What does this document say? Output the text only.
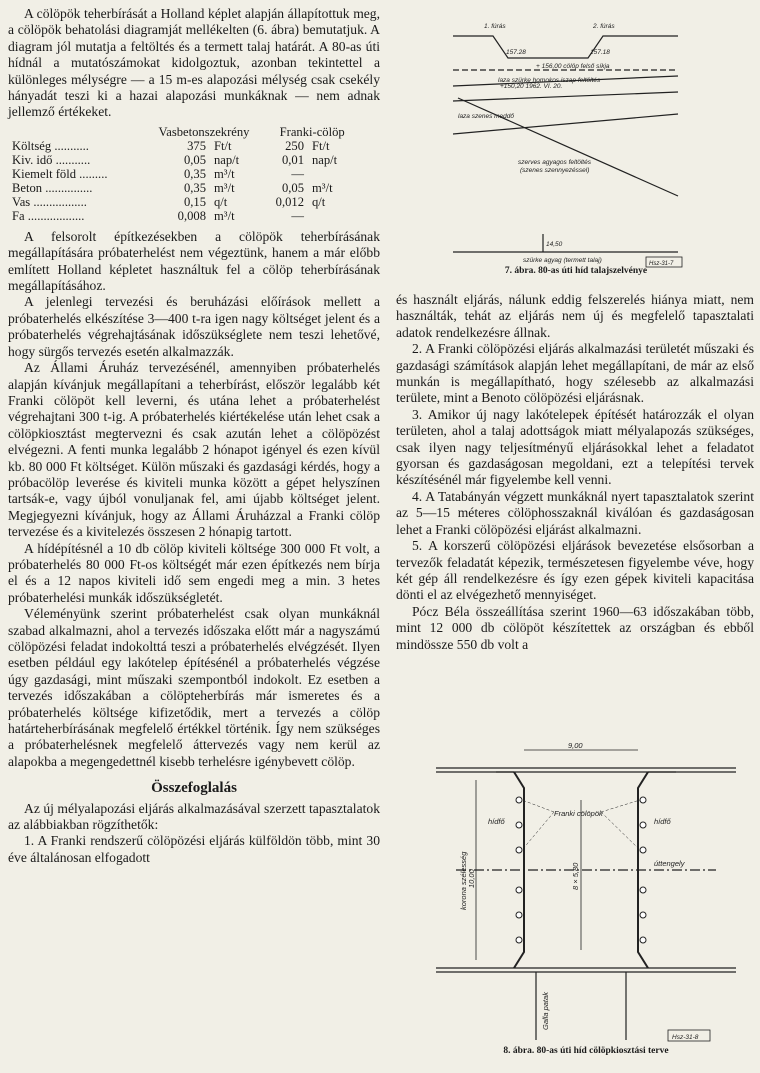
A cölöpök teherbírását a Holland képlet alapján állapítottuk meg, a cölöpök behatolási diagramját mellékelten (6. ábra) bemutatjuk. A diagram jól mutatja a feltöltés és a termett talaj határát. A 80-as úti hídnál a mutatószámokat kidolgoztuk, azonban tekintettel a különleges mélységre — a 15 m-es alapozási mélység csak csekély hányadát teszi ki a hazai alapozási munkáknak — nem adnak jellemző értékeket.

Vasbetonszekrény Franki-cölöp
Költség ...........	375 Ft/t	250 Ft/t
Kiv. idő ...........	0,05 nap/t	0,01 nap/t
Kiemelt föld .........	0,35 m³/t	—
Beton ...............	0,35 m³/t	0,05 m³/t
Vas .................	0,15 q/t	0,012 q/t
Fa ..................	0,008 m³/t	—

A felsorolt építkezésekben a cölöpök teherbírásának megállapítására próbaterhelést nem végeztünk, hanem a már előbb említett Holland képletet használtuk fel a cölöp teherbírásának megállapításához.

A jelenlegi tervezési és beruházási előírások mellett a próbaterhelés elkészítése 3—400 t-ra igen nagy költséget jelent és a próbaterhelés végrehajtásának időszükséglete nem teszi lehetővé, hogy sürgős tervezés esetén alkalmazzák.

Az Állami Áruház tervezésénél, amennyiben próbaterhelés alapján kívánjuk megállapítani a teherbírást, először legalább két Franki cölöpöt kell leverni, és utána lehet a próbaterhelést végrehajtani 300 t-ig. A próbaterhelés kiértékelése után lehet csak a cölöpkiosztást megtervezni és csak azután lehet a cölöpözést elvégezni. A fenti munka legalább 2 hónapot igényel és ezen kívül kb. 80 000 Ft költséget. Külön műszaki és gazdasági kérdés, hogy a próbacölöp leverése és kiviteli munka között a gépet helyszínen tartsák-e, vagy újból vonuljanak fel, ami újabb költséget jelent. Megjegyezni kívánjuk, hogy az Állami Áruházzal a Franki cölöp tervezése és a kivitelezés összesen 2 hónapig tartott.

A hídépítésnél a 10 db cölöp kiviteli költsége 300 000 Ft volt, a próbaterhelés 80 000 Ft-os költségét már ezen építkezés nem bírja el és a 12 napos kiviteli idő sem engedi meg a min. 3 hetes próbaterhelési munkák időszükségletét.

Véleményünk szerint próbaterhelést csak olyan munkáknál szabad alkalmazni, ahol a tervezés időszaka előtt már a nagyszámú cölöpözési feladat indokolttá teszi a próbaterhelés elvégzését. Ilyen esetben például egy lakótelep építésénél a próbaterhelés végzése úgy gazdasági, mint műszaki szempontból indokolt. Ez esetben a tervezés időszakában a cölöpteherbírás már ismeretes és a próbaterhelés költsége kifizetődik, mert a tervezés a cölöp határteherbírásának megfelelő értékkel történik. Így nem szükséges a próbaterhelésnek megfelelő áttervezés vagy nem kerül az alapokba a megengedettnél kisebb terhelésre igénybevett cölöp.

Összefoglalás

Az új mélyalapozási eljárás alkalmazásával szerzett tapasztalatok az alábbiakban rögzíthetők:

1. A Franki rendszerű cölöpözési eljárás külföldön több, mint 30 éve általánosan elfogadott

1. fúrás	2. fúrás
157.28	157.18
+ 156,00 cölöp felső síkja
laza szürke homokos iszap feltöltés
+150,20 1962. VI. 20.
laza szenes meddő
szerves agyagos feltöltés
(szenes szennyezéssel)
14,50
szürke agyag (termett talaj)	Hsz-31-7
7. ábra. 80-as úti híd talajszelvénye

és használt eljárás, nálunk eddig felszerelés hiánya miatt, nem használták, tehát az eljárás nem új és megfelelő tapasztalati adatok rendelkezésre állnak.

2. A Franki cölöpözési eljárás alkalmazási területét műszaki és gazdasági számítások alapján lehet megállapítani, de már az első munkán is megállapítható, hogy szélesebb az alkalmazási területe, mint a Benoto cölöpözési eljárásnak.

3. Amikor új nagy lakótelepek építését határozzák el olyan területen, ahol a talaj adottságok miatt mélyalapozás szükséges, csak ilyen nagy teljesítményű eljárásokkal lehet a feladatot gyorsan és gazdaságosan megoldani, ezt a telepítési tervek készítésénél már figyelembe kell venni.

4. A Tatabányán végzett munkáknál nyert tapasztalatok szerint az 5—15 méteres cölöphosszaknál kiválóan és gazdaságosan lehet a Franki cölöpözési eljárást alkalmazni.

5. A korszerű cölöpözési eljárások bevezetése elsősorban a tervezők feladatát képezik, természetesen figyelembe véve, hogy két gép áll rendelkezésre és így ezen gépek kiviteli kapacitása dönti el az elvégezhető mennyiséget.

Pócz Béla összeállítása szerint 1960—63 időszakában több, mint 12 000 db cölöpöt készítettek az országban és ebből mindössze 550 db volt a

9,00
Franki cölöpök
hídfő	hídfő
úttengely
korona szélesség 10,00	8 × 5,80
Galla patak
Hsz-31-8
8. ábra. 80-as úti híd cölöpkiosztási terve
